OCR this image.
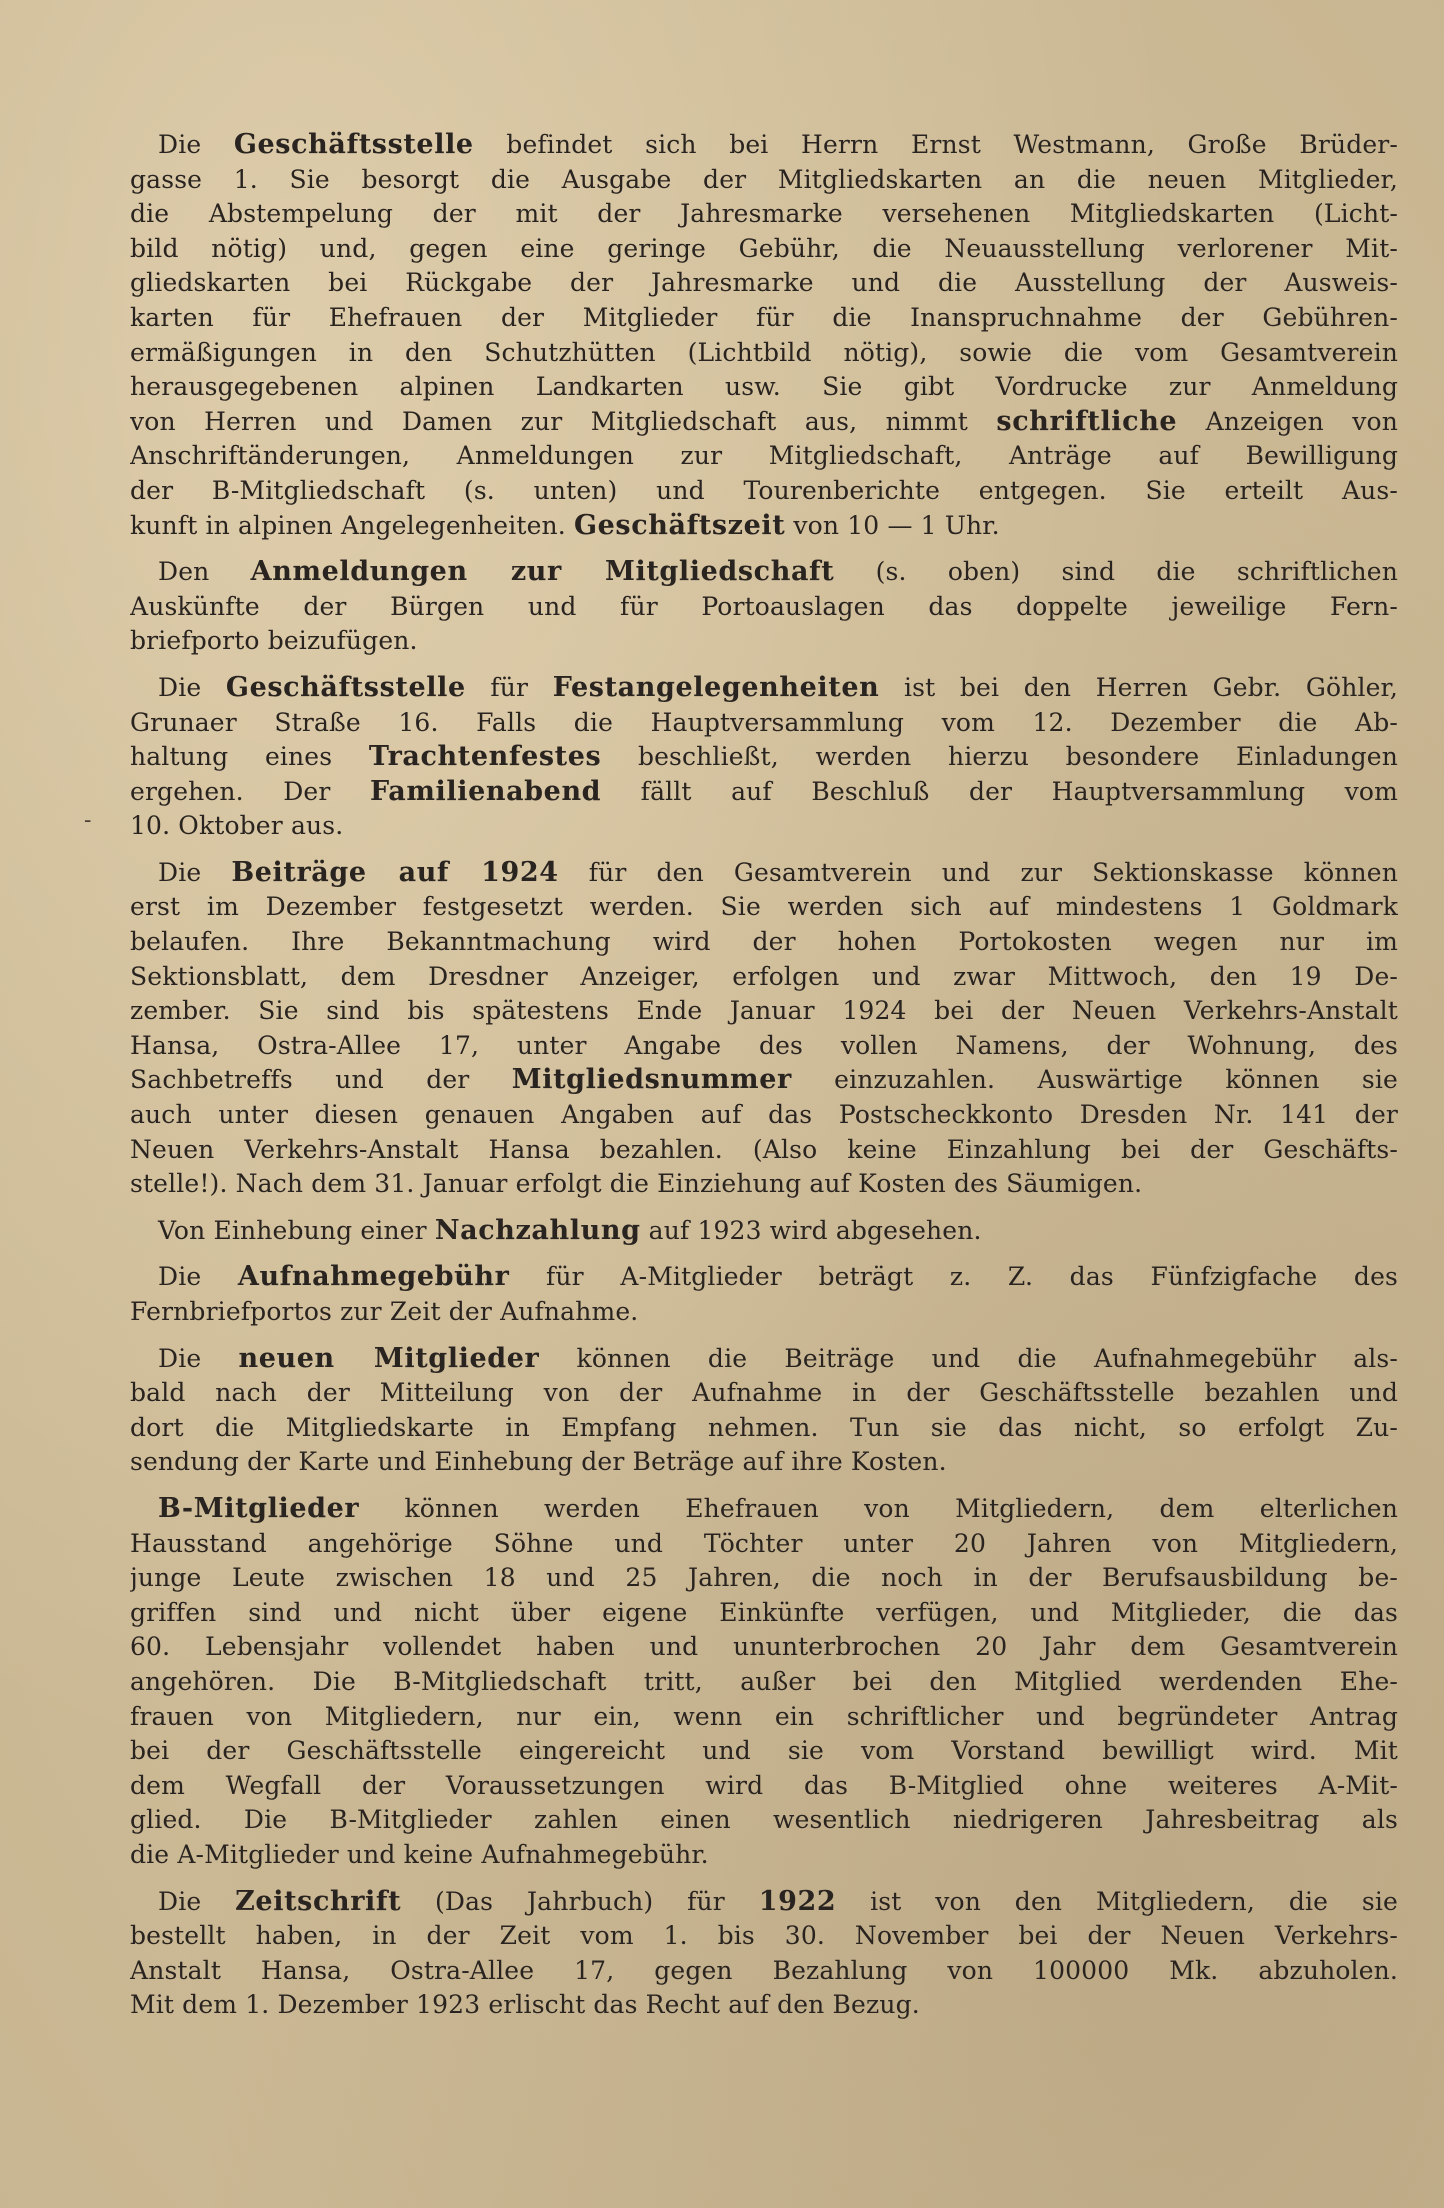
-
Die Geschäftsstelle befindet sich bei Herrn Ernst Westmann, Große Brüder-
gasse 1. Sie besorgt die Ausgabe der Mitgliedskarten an die neuen Mitglieder,
die Abstempelung der mit der Jahresmarke versehenen Mitgliedskarten (Licht-
bild nötig) und, gegen eine geringe Gebühr, die Neuausstellung verlorener Mit-
gliedskarten bei Rückgabe der Jahresmarke und die Ausstellung der Ausweis-
karten für Ehefrauen der Mitglieder für die Inanspruchnahme der Gebühren-
ermäßigungen in den Schutzhütten (Lichtbild nötig), sowie die vom Gesamtverein
herausgegebenen alpinen Landkarten usw. Sie gibt Vordrucke zur Anmeldung
von Herren und Damen zur Mitgliedschaft aus, nimmt schriftliche Anzeigen von
Anschriftänderungen, Anmeldungen zur Mitgliedschaft, Anträge auf Bewilligung
der B-Mitgliedschaft (s. unten) und Tourenberichte entgegen. Sie erteilt Aus-
kunft in alpinen Angelegenheiten. Geschäftszeit von 10 — 1 Uhr.
Den Anmeldungen zur Mitgliedschaft (s. oben) sind die schriftlichen
Auskünfte der Bürgen und für Portoauslagen das doppelte jeweilige Fern-
briefporto beizufügen.
Die Geschäftsstelle für Festangelegenheiten ist bei den Herren Gebr. Göhler,
Grunaer Straße 16. Falls die Hauptversammlung vom 12. Dezember die Ab-
haltung eines Trachtenfestes beschließt, werden hierzu besondere Einladungen
ergehen. Der Familienabend fällt auf Beschluß der Hauptversammlung vom
10. Oktober aus.
Die Beiträge auf 1924 für den Gesamtverein und zur Sektionskasse können
erst im Dezember festgesetzt werden. Sie werden sich auf mindestens 1 Goldmark
belaufen. Ihre Bekanntmachung wird der hohen Portokosten wegen nur im
Sektionsblatt, dem Dresdner Anzeiger, erfolgen und zwar Mittwoch, den 19 De-
zember. Sie sind bis spätestens Ende Januar 1924 bei der Neuen Verkehrs-Anstalt
Hansa, Ostra-Allee 17, unter Angabe des vollen Namens, der Wohnung, des
Sachbetreffs und der Mitgliedsnummer einzuzahlen. Auswärtige können sie
auch unter diesen genauen Angaben auf das Postscheckkonto Dresden Nr. 141 der
Neuen Verkehrs-Anstalt Hansa bezahlen. (Also keine Einzahlung bei der Geschäfts-
stelle!). Nach dem 31. Januar erfolgt die Einziehung auf Kosten des Säumigen.
Von Einhebung einer Nachzahlung auf 1923 wird abgesehen.
Die Aufnahmegebühr für A-Mitglieder beträgt z. Z. das Fünfzigfache des
Fernbriefportos zur Zeit der Aufnahme.
Die neuen Mitglieder können die Beiträge und die Aufnahmegebühr als-
bald nach der Mitteilung von der Aufnahme in der Geschäftsstelle bezahlen und
dort die Mitgliedskarte in Empfang nehmen. Tun sie das nicht, so erfolgt Zu-
sendung der Karte und Einhebung der Beträge auf ihre Kosten.
B-Mitglieder können werden Ehefrauen von Mitgliedern, dem elterlichen
Hausstand angehörige Söhne und Töchter unter 20 Jahren von Mitgliedern,
junge Leute zwischen 18 und 25 Jahren, die noch in der Berufsausbildung be-
griffen sind und nicht über eigene Einkünfte verfügen, und Mitglieder, die das
60. Lebensjahr vollendet haben und ununterbrochen 20 Jahr dem Gesamtverein
angehören. Die B-Mitgliedschaft tritt, außer bei den Mitglied werdenden Ehe-
frauen von Mitgliedern, nur ein, wenn ein schriftlicher und begründeter Antrag
bei der Geschäftsstelle eingereicht und sie vom Vorstand bewilligt wird. Mit
dem Wegfall der Voraussetzungen wird das B-Mitglied ohne weiteres A-Mit-
glied. Die B-Mitglieder zahlen einen wesentlich niedrigeren Jahresbeitrag als
die A-Mitglieder und keine Aufnahmegebühr.
Die Zeitschrift (Das Jahrbuch) für 1922 ist von den Mitgliedern, die sie
bestellt haben, in der Zeit vom 1. bis 30. November bei der Neuen Verkehrs-
Anstalt Hansa, Ostra-Allee 17, gegen Bezahlung von 100000 Mk. abzuholen.
Mit dem 1. Dezember 1923 erlischt das Recht auf den Bezug.
